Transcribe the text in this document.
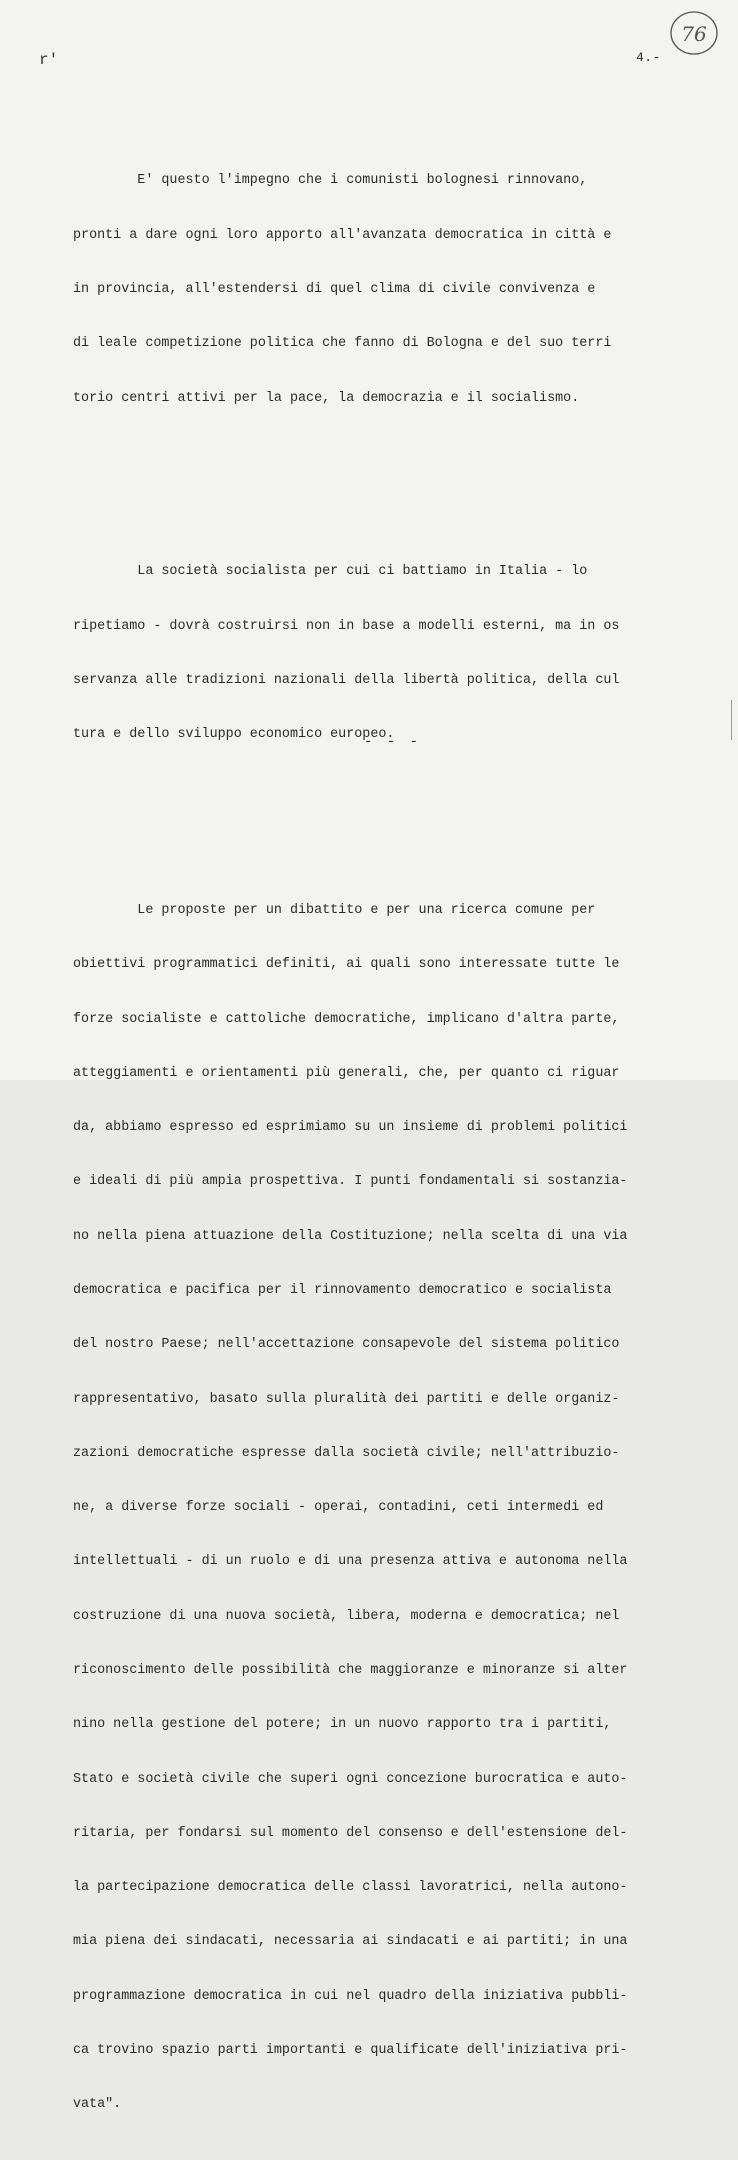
r'	4.-
76

E' questo l'impegno che i comunisti bolognesi rinnovano,

pronti a dare ogni loro apporto all'avanzata democratica in città e

in provincia, all'estendersi di quel clima di civile convivenza e

di leale competizione politica che fanno di Bologna e del suo terri

torio centri attivi per la pace, la democrazia e il socialismo.

La società socialista per cui ci battiamo in Italia - lo

ripetiamo - dovrà costruirsi non in base a modelli esterni, ma in os

servanza alle tradizioni nazionali della libertà politica, della cul

tura e dello sviluppo economico europeo.

Le proposte per un dibattito e per una ricerca comune per

obiettivi programmatici definiti, ai quali sono interessate tutte le

forze socialiste e cattoliche democratiche, implicano d'altra parte,

atteggiamenti e orientamenti più generali, che, per quanto ci riguar

da, abbiamo espresso ed esprimiamo su un insieme di problemi politici

e ideali di più ampia prospettiva. I punti fondamentali si sostanzia-

no nella piena attuazione della Costituzione; nella scelta di una via

democratica e pacifica per il rinnovamento democratico e socialista

del nostro Paese; nell'accettazione consapevole del sistema politico

rappresentativo, basato sulla pluralità dei partiti e delle organiz-

zazioni democratiche espresse dalla società civile; nell'attribuzio-

ne, a diverse forze sociali - operai, contadini, ceti intermedi ed

intellettuali - di un ruolo e di una presenza attiva e autonoma nella

costruzione di una nuova società, libera, moderna e democratica; nel

riconoscimento delle possibilità che maggioranze e minoranze si alter

nino nella gestione del potere; in un nuovo rapporto tra i partiti,

Stato e società civile che superi ogni concezione burocratica e auto-

ritaria, per fondarsi sul momento del consenso e dell'estensione del-

la partecipazione democratica delle classi lavoratrici, nella autono-

mia piena dei sindacati, necessaria ai sindacati e ai partiti; in una

programmazione democratica in cui nel quadro della iniziativa pubbli-

ca trovino spazio parti importanti e qualificate dell'iniziativa pri-

vata".

- - -
